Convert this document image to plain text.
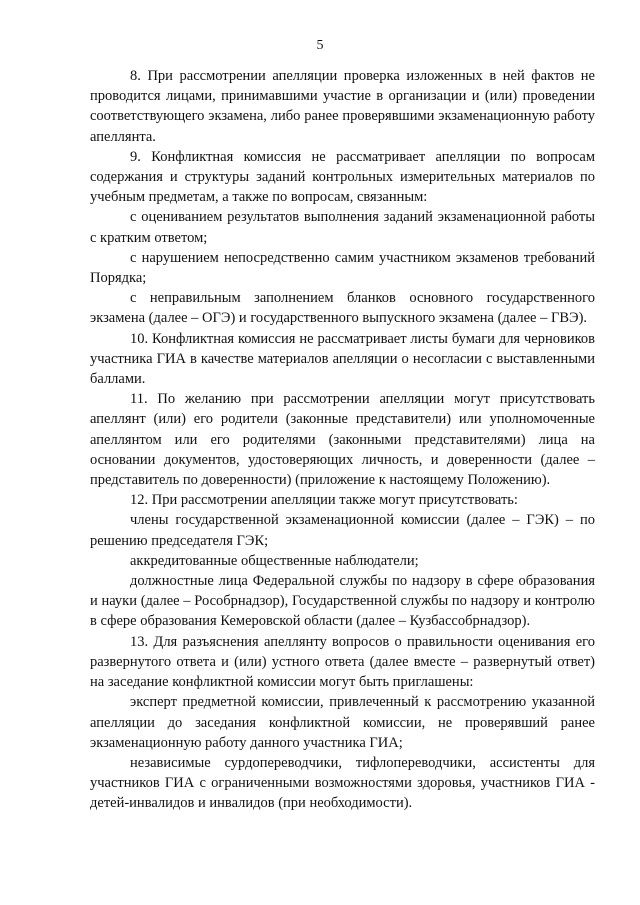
5

8. При рассмотрении апелляции проверка изложенных в ней фактов не проводится лицами, принимавшими участие в организации и (или) проведении соответствующего экзамена, либо ранее проверявшими экзаменационную работу апеллянта.

9. Конфликтная комиссия не рассматривает апелляции по вопросам содержания и структуры заданий контрольных измерительных материалов по учебным предметам, а также по вопросам, связанным:

с оцениванием результатов выполнения заданий экзаменационной работы с кратким ответом;

с нарушением непосредственно самим участником экзаменов требований Порядка;

с неправильным заполнением бланков основного государственного экзамена (далее – ОГЭ) и государственного выпускного экзамена (далее – ГВЭ).

10. Конфликтная комиссия не рассматривает листы бумаги для черновиков участника ГИА в качестве материалов апелляции о несогласии с выставленными баллами.

11. По желанию при рассмотрении апелляции могут присутствовать апеллянт (или) его родители (законные представители) или уполномоченные апеллянтом или его родителями (законными представителями) лица на основании документов, удостоверяющих личность, и доверенности (далее – представитель по доверенности) (приложение к настоящему Положению).

12. При рассмотрении апелляции также могут присутствовать:

члены государственной экзаменационной комиссии (далее – ГЭК) – по решению председателя ГЭК;

аккредитованные общественные наблюдатели;

должностные лица Федеральной службы по надзору в сфере образования и науки (далее – Рособрнадзор), Государственной службы по надзору и контролю в сфере образования Кемеровской области (далее – Кузбассобрнадзор).

13. Для разъяснения апеллянту вопросов о правильности оценивания его развернутого ответа и (или) устного ответа (далее вместе – развернутый ответ) на заседание конфликтной комиссии могут быть приглашены:

эксперт предметной комиссии, привлеченный к рассмотрению указанной апелляции до заседания конфликтной комиссии, не проверявший ранее экзаменационную работу данного участника ГИА;

независимые сурдопереводчики, тифлопереводчики, ассистенты для участников ГИА с ограниченными возможностями здоровья, участников ГИА - детей-инвалидов и инвалидов (при необходимости).
